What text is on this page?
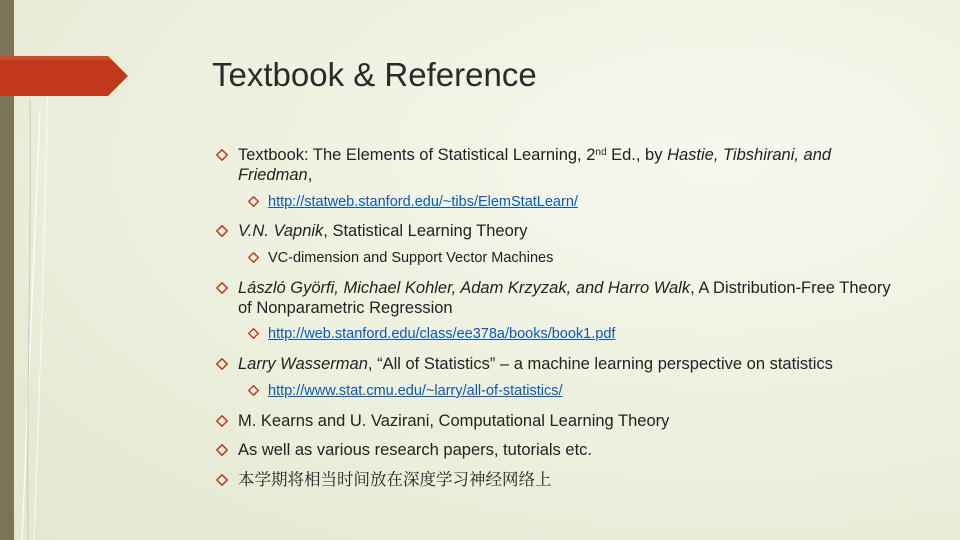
Textbook & Reference
Textbook: The Elements of Statistical Learning, 2nd Ed., by Hastie, Tibshirani, and Friedman,
http://statweb.stanford.edu/~tibs/ElemStatLearn/
V.N. Vapnik, Statistical Learning Theory
VC-dimension and Support Vector Machines
László Györfi, Michael Kohler, Adam Krzyzak, and Harro Walk, A Distribution-Free Theory of Nonparametric Regression
http://web.stanford.edu/class/ee378a/books/book1.pdf
Larry Wasserman, “All of Statistics” – a machine learning perspective on statistics
http://www.stat.cmu.edu/~larry/all-of-statistics/
M. Kearns and U. Vazirani, Computational Learning Theory
As well as various research papers, tutorials etc.
本学期将相当时间放在深度学习神经网络上
